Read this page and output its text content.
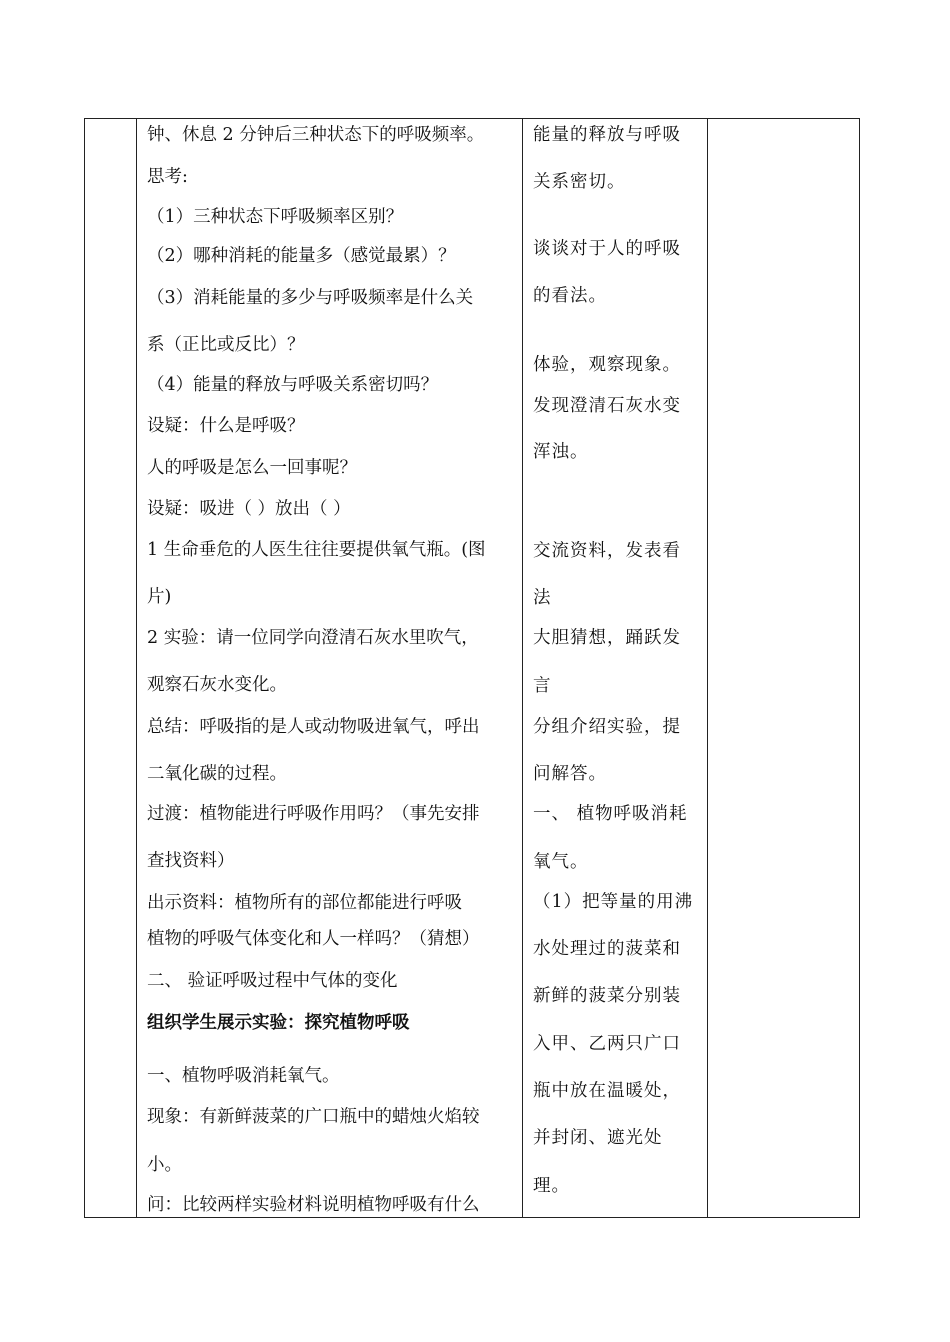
钟、休息 2 分钟后三种状态下的呼吸频率。
思考:
（1）三种状态下呼吸频率区别？
（2）哪种消耗的能量多（感觉最累）？
（3）消耗能量的多少与呼吸频率是什么关
系（正比或反比）？
（4）能量的释放与呼吸关系密切吗？
设疑：什么是呼吸？
人的呼吸是怎么一回事呢？
设疑：吸进（ ）放出（ ）
1 生命垂危的人医生往往要提供氧气瓶。(图
片)
2 实验：请一位同学向澄清石灰水里吹气，
观察石灰水变化。
总结：呼吸指的是人或动物吸进氧气，呼出
二氧化碳的过程。
过渡：植物能进行呼吸作用吗？（事先安排
查找资料）
出示资料：植物所有的部位都能进行呼吸
植物的呼吸气体变化和人一样吗？（猜想）
二、 验证呼吸过程中气体的变化
组织学生展示实验：探究植物呼吸
一、植物呼吸消耗氧气。
现象：有新鲜菠菜的广口瓶中的蜡烛火焰较
小。
问：比较两样实验材料说明植物呼吸有什么
能量的释放与呼吸
关系密切。
谈谈对于人的呼吸
的看法。
体验，观察现象。
发现澄清石灰水变
浑浊。
交流资料，发表看
法
大胆猜想，踊跃发
言
分组介绍实验，提
问解答。
一、 植物呼吸消耗
氧气。
（1）把等量的用沸
水处理过的菠菜和
新鲜的菠菜分别装
入甲、乙两只广口
瓶中放在温暖处，
并封闭、遮光处
理。
